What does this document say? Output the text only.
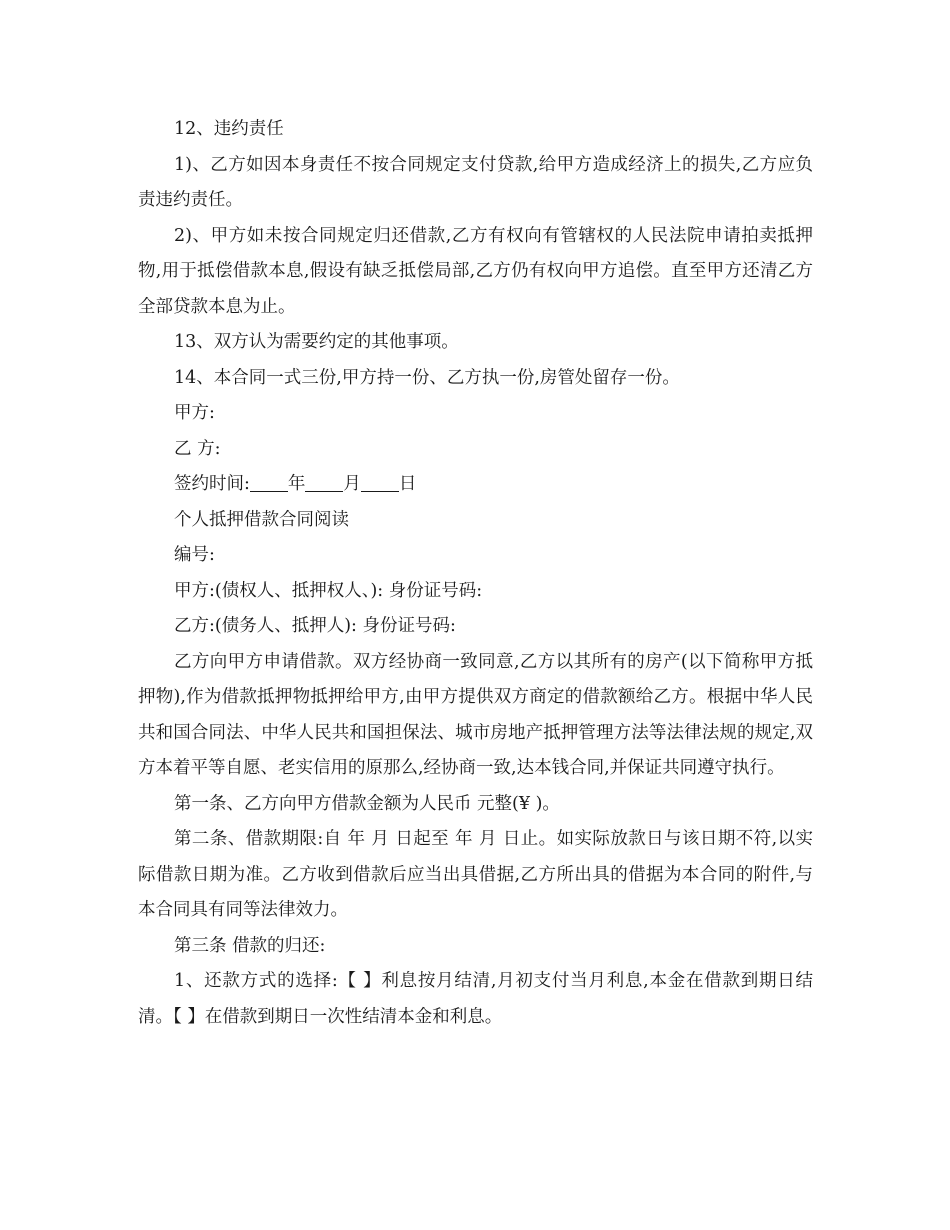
12、违约责任

1)、乙方如因本身责任不按合同规定支付贷款,给甲方造成经济上的损失,乙方应负责违约责任。

2)、甲方如未按合同规定归还借款,乙方有权向有管辖权的人民法院申请拍卖抵押物,用于抵偿借款本息,假设有缺乏抵偿局部,乙方仍有权向甲方追偿。直至甲方还清乙方全部贷款本息为止。

13、双方认为需要约定的其他事项。

14、本合同一式三份,甲方持一份、乙方执一份,房管处留存一份。

甲方:

乙 方:

签约时间: 年 月 日

个人抵押借款合同阅读

编号:

甲方:(债权人、抵押权人、): 身份证号码:

乙方:(债务人、抵押人): 身份证号码:

乙方向甲方申请借款。双方经协商一致同意,乙方以其所有的房产(以下简称甲方抵押物),作为借款抵押物抵押给甲方,由甲方提供双方商定的借款额给乙方。根据中华人民共和国合同法、中华人民共和国担保法、城市房地产抵押管理方法等法律法规的规定,双方本着平等自愿、老实信用的原那么,经协商一致,达本钱合同,并保证共同遵守执行。

第一条、乙方向甲方借款金额为人民币 元整(¥ )。

第二条、借款期限:自 年 月 日起至 年 月 日止。如实际放款日与该日期不符,以实际借款日期为准。乙方收到借款后应当出具借据,乙方所出具的借据为本合同的附件,与本合同具有同等法律效力。

第三条 借款的归还:

1、还款方式的选择:【 】利息按月结清,月初支付当月利息,本金在借款到期日结清。【 】在借款到期日一次性结清本金和利息。
